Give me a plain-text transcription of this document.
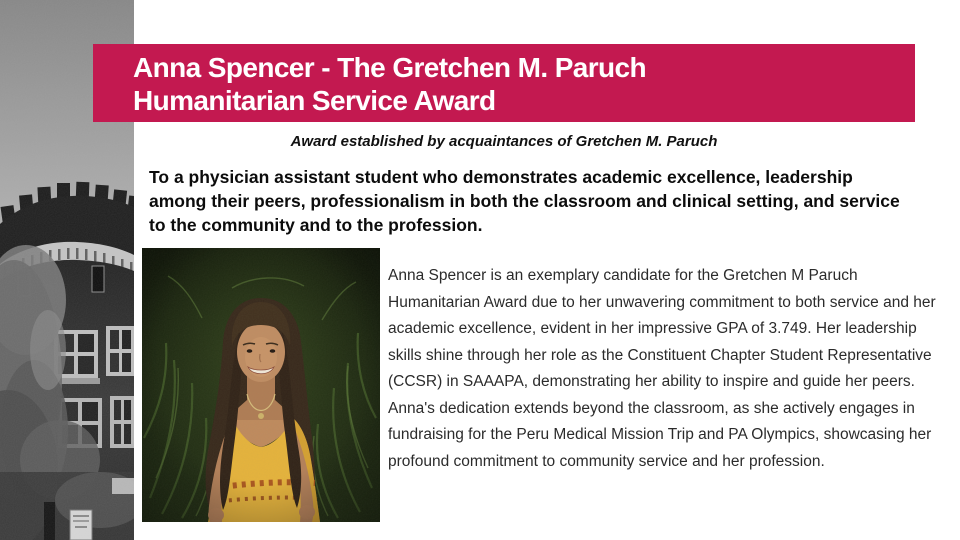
Anna Spencer - The Gretchen M. Paruch
Humanitarian Service Award
Award established by acquaintances of Gretchen M. Paruch
To a physician assistant student who demonstrates academic excellence, leadership among their peers, professionalism in both the classroom and clinical setting, and service to the community and to the profession.
Anna Spencer is an exemplary candidate for the Gretchen M Paruch Humanitarian Award due to her unwavering commitment to both service and her academic excellence, evident in her impressive GPA of 3.749. Her leadership skills shine through her role as the Constituent Chapter Student Representative (CCSR) in SAAAPA, demonstrating her ability to inspire and guide her peers. Anna's dedication extends beyond the classroom, as she actively engages in fundraising for the Peru Medical Mission Trip and PA Olympics, showcasing her profound commitment to community service and her profession.
